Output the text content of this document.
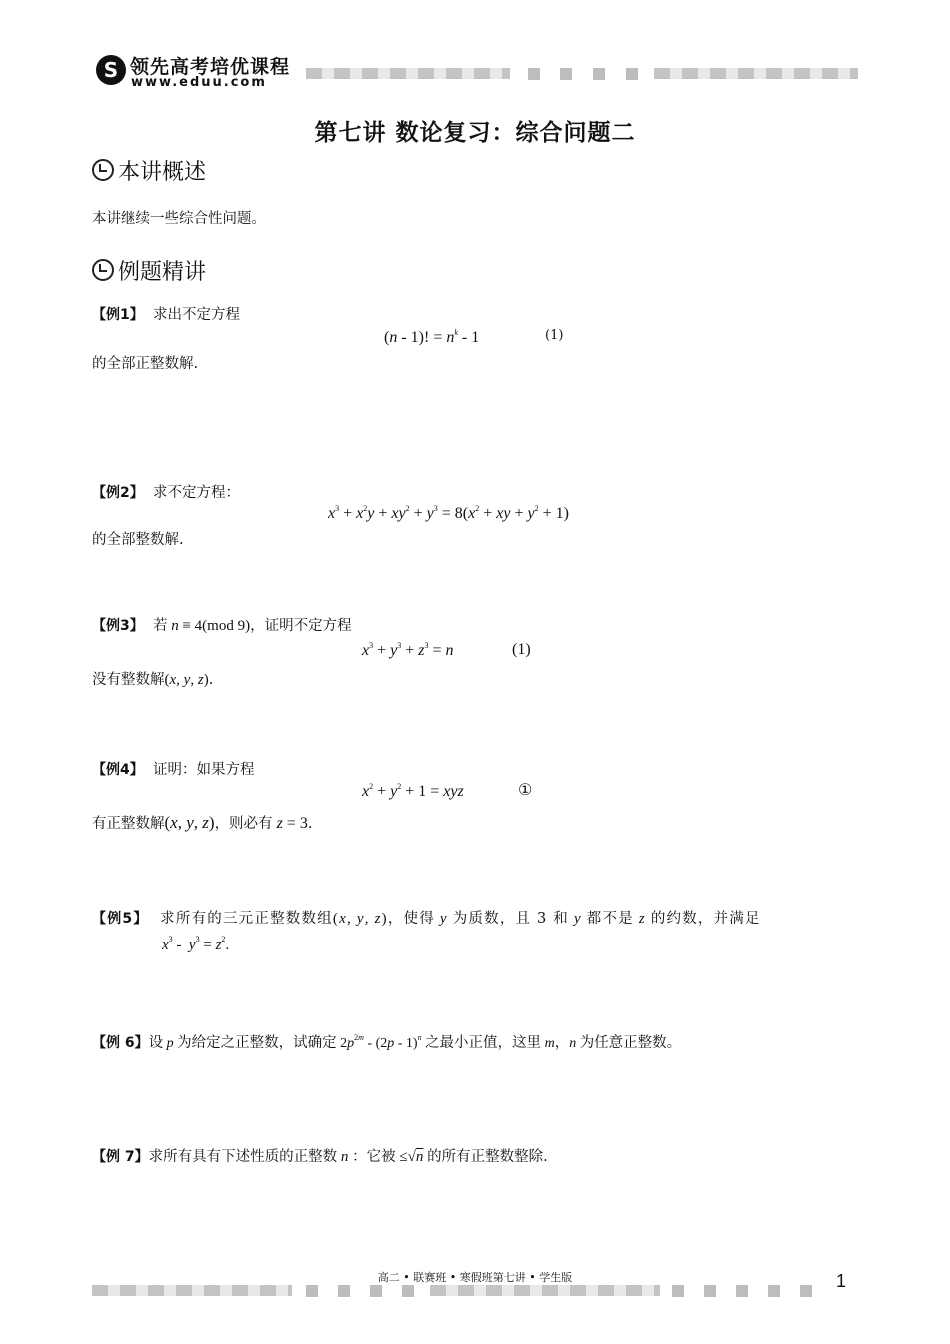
S 领先高考培优课程
www.eduu.com
第七讲 数论复习：综合问题二
本讲概述
本讲继续一些综合性问题。
例题精讲
【例1】 求出不定方程
(n - 1)! = $n^k - 1$	(1)
的全部正整数解.
【例2】 求不定方程：
$x^3 + x^2y + xy^2 + y^3 = 8(x^2$ + xy + $y^2 + 1$)
的全部整数解.
【例3】 若 n ≡ 4(mod 9)，证明不定方程
$x^3 + y^3 + z^3 = n$	(1)
没有整数解(x, y, z).
【例4】 证明：如果方程
$x^2 + y^2 + 1$ = xyz	①
有正整数解(x, y, z)，则必有 z = 3.
【例5】 求所有的三元正整数数组(x, y, z)，使得 y 为质数，且 3 和 y 都不是 z 的约数，并满足
$x^3 - y^3 = z^2$.
【例 6】设 p 为给定之正整数，试确定 $2p^{2m} - (2p - 1)^n$ 之最小正值，这里 m，n 为任意正整数。
【例 7】求所有具有下述性质的正整数 n ：它被 ≤√n 的所有正整数整除.
高二 • 联赛班 • 寒假班第七讲 • 学生版	1
